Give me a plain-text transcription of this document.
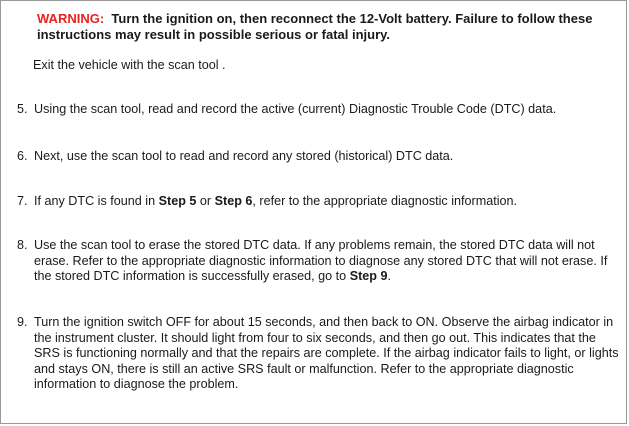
WARNING: Turn the ignition on, then reconnect the 12-Volt battery. Failure to follow these instructions may result in possible serious or fatal injury.
Exit the vehicle with the scan tool .
5. Using the scan tool, read and record the active (current) Diagnostic Trouble Code (DTC) data.
6. Next, use the scan tool to read and record any stored (historical) DTC data.
7. If any DTC is found in Step 5 or Step 6, refer to the appropriate diagnostic information.
8. Use the scan tool to erase the stored DTC data. If any problems remain, the stored DTC data will not erase. Refer to the appropriate diagnostic information to diagnose any stored DTC that will not erase. If the stored DTC information is successfully erased, go to Step 9.
9. Turn the ignition switch OFF for about 15 seconds, and then back to ON. Observe the airbag indicator in the instrument cluster. It should light from four to six seconds, and then go out. This indicates that the SRS is functioning normally and that the repairs are complete. If the airbag indicator fails to light, or lights and stays ON, there is still an active SRS fault or malfunction. Refer to the appropriate diagnostic information to diagnose the problem.
